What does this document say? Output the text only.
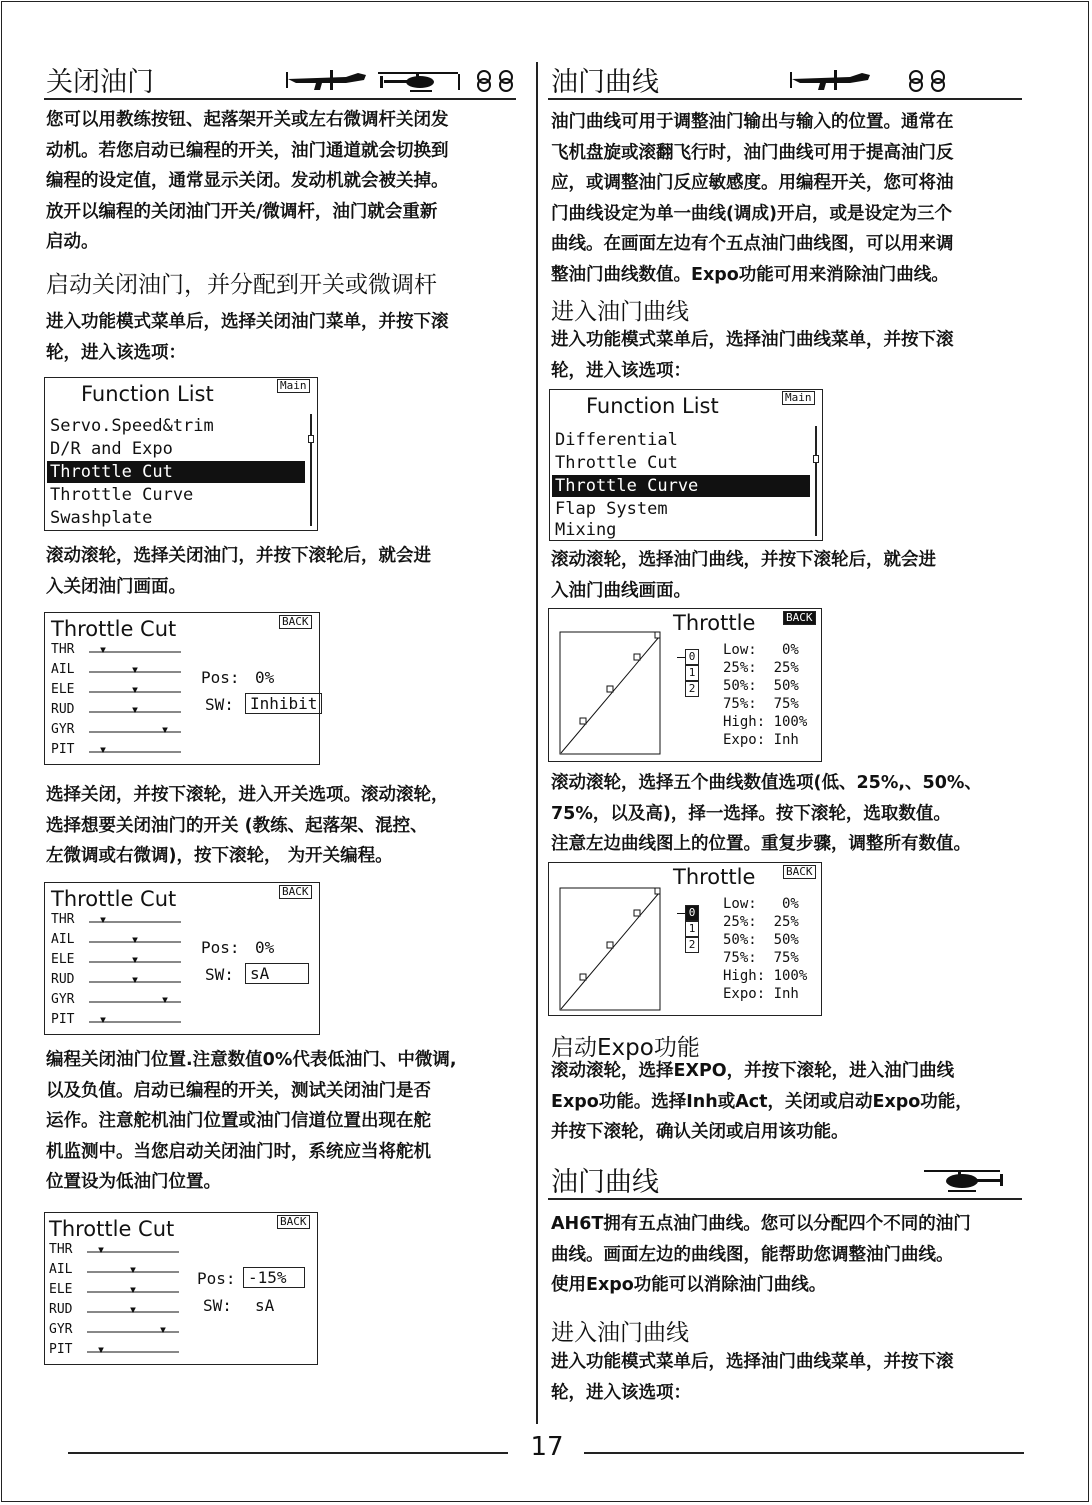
关闭油门
您可以用教练按钮、起落架开关或左右微调杆关闭发
动机。若您启动已编程的开关，油门通道就会切换到
编程的设定值，通常显示关闭。发动机就会被关掉。
放开以编程的关闭油门开关/微调杆，油门就会重新
启动。
启动关闭油门，并分配到开关或微调杆
进入功能模式菜单后，选择关闭油门菜单，并按下滚
轮，进入该选项：
Function List	Main
Servo.Speed&trim
D/R and Expo
Throttle Cut
Throttle Curve
Swashplate
滚动滚轮，选择关闭油门，并按下滚轮后，就会进
入关闭油门画面。
Throttle Cut	BACK
THR
AIL
ELE
RUD
GYR
PIT
Pos: 0%
SW:	Inhibit
选择关闭，并按下滚轮，进入开关选项。滚动滚轮，
选择想要关闭油门的开关 (教练、起落架、混控、
左微调或右微调)，按下滚轮， 为开关编程。
Throttle Cut	BACK
THR
AIL
ELE
RUD
GYR
PIT
Pos: 0%
SW:	sA
编程关闭油门位置.注意数值0%代表低油门、中微调,
以及负值。启动已编程的开关，测试关闭油门是否
运作。注意舵机油门位置或油门信道位置出现在舵
机监测中。当您启动关闭油门时，系统应当将舵机
位置设为低油门位置。
Throttle Cut	BACK
THR
AIL
ELE
RUD
GYR
PIT
Pos: -15%
SW: sA
油门曲线
油门曲线可用于调整油门输出与输入的位置。通常在
飞机盘旋或滚翻飞行时，油门曲线可用于提高油门反
应，或调整油门反应敏感度。用编程开关，您可将油
门曲线设定为单一曲线(调成)开启，或是设定为三个
曲线。在画面左边有个五点油门曲线图，可以用来调
整油门曲线数值。Expo功能可用来消除油门曲线。
进入油门曲线
进入功能模式菜单后，选择油门曲线菜单，并按下滚
轮，进入该选项：
Function List	Main
Differential
Throttle Cut
Throttle Curve
Flap System
Mixing
滚动滚轮，选择油门曲线，并按下滚轮后，就会进
入油门曲线画面。
0
1
2
Throttle	BACK
Low:   0%
25%:  25%
50%:  50%
75%:  75%
High: 100%
Expo: Inh
滚动滚轮，选择五个曲线数值选项(低、25%,、50%、
75%，以及高)，择一选择。按下滚轮，选取数值。
注意左边曲线图上的位置。重复步骤，调整所有数值。
0
1
2
Throttle	BACK
Low:   0%
25%:  25%
50%:  50%
75%:  75%
High: 100%
Expo: Inh
启动Expo功能
滚动滚轮，选择EXPO，并按下滚轮，进入油门曲线
Expo功能。选择Inh或Act，关闭或启动Expo功能，
并按下滚轮，确认关闭或启用该功能。
油门曲线
AH6T拥有五点油门曲线。您可以分配四个不同的油门
曲线。画面左边的曲线图，能帮助您调整油门曲线。
使用Expo功能可以消除油门曲线。
进入油门曲线
进入功能模式菜单后，选择油门曲线菜单，并按下滚
轮，进入该选项：
17
